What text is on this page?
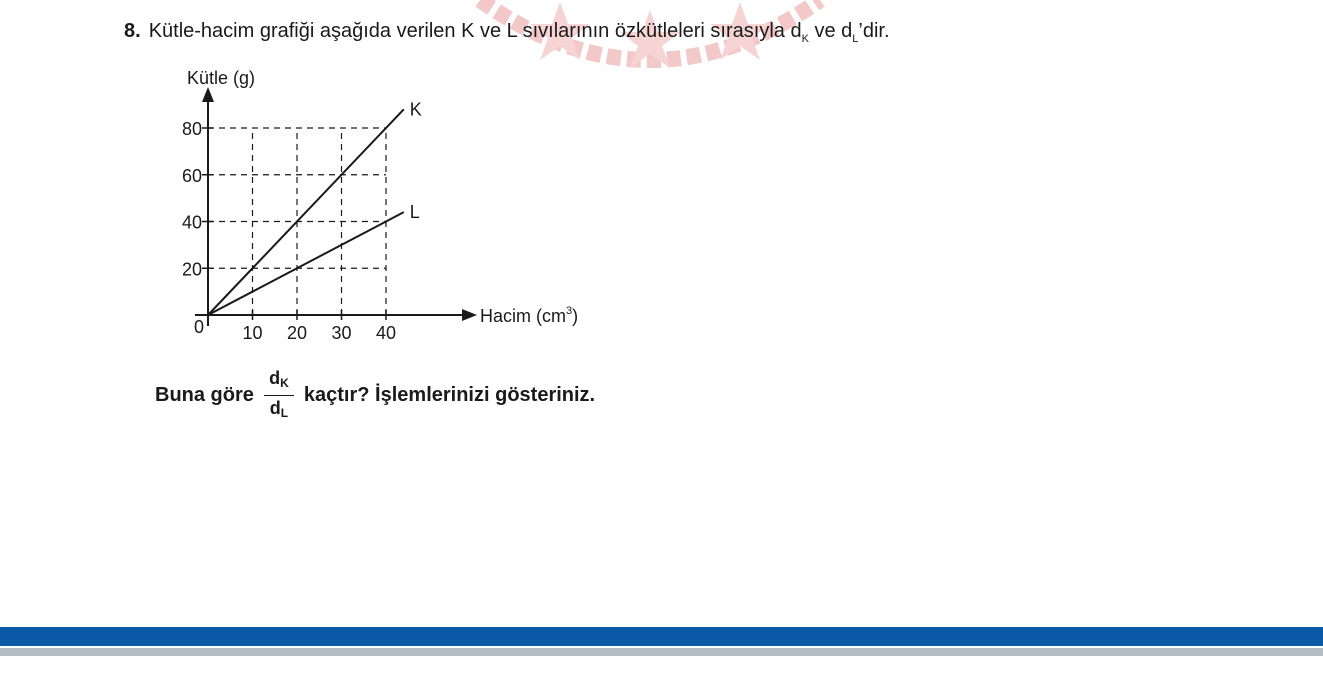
8. Kütle-hacim grafiği aşağıda verilen K ve L sıvılarının özkütleleri sırasıyla $d_K$ ve $d_L’dir$.
10 20 30 40
20
40
60
80
K
L
Kütle (g)
Hacim $(cm^3)$
0
Buna göre $\frac{d_K}{d_L}$ kaçtır? İşlemlerinizi gösteriniz.
